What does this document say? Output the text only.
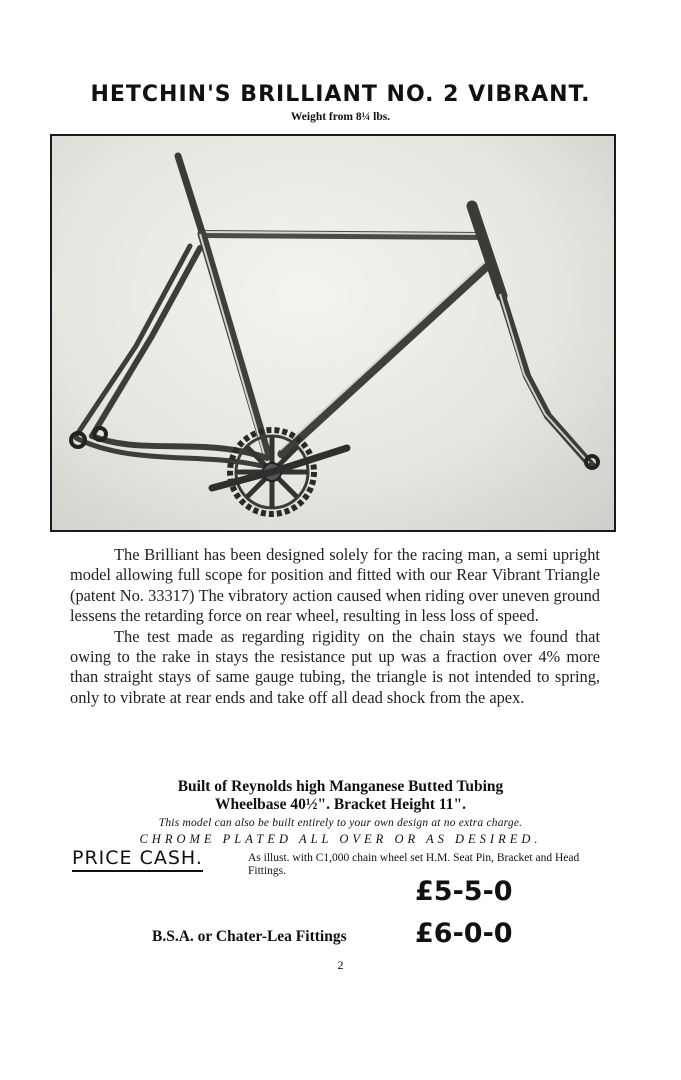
HETCHIN'S BRILLIANT NO. 2 VIBRANT.
Weight from 8¼ lbs.

The Brilliant has been designed solely for the racing man, a semi upright model allowing full scope for position and fitted with our Rear Vibrant Triangle (patent No. 33317) The vibratory action caused when riding over uneven ground lessens the retarding force on rear wheel, resulting in less loss of speed.

The test made as regarding rigidity on the chain stays we found that owing to the rake in stays the resistance put up was a fraction over 4% more than straight stays of same gauge tubing, the triangle is not intended to spring, only to vibrate at rear ends and take off all dead shock from the apex.

Built of Reynolds high Manganese Butted Tubing
Wheelbase 40½". Bracket Height 11".
This model can also be built entirely to your own design at no extra charge.
CHROME PLATED ALL OVER OR AS DESIRED.
PRICE CASH.	As illust. with C1,000 chain wheel set H.M. Seat Pin, Bracket and Head Fittings.
£5-5-0
B.S.A. or Chater-Lea Fittings	£6-0-0
2
